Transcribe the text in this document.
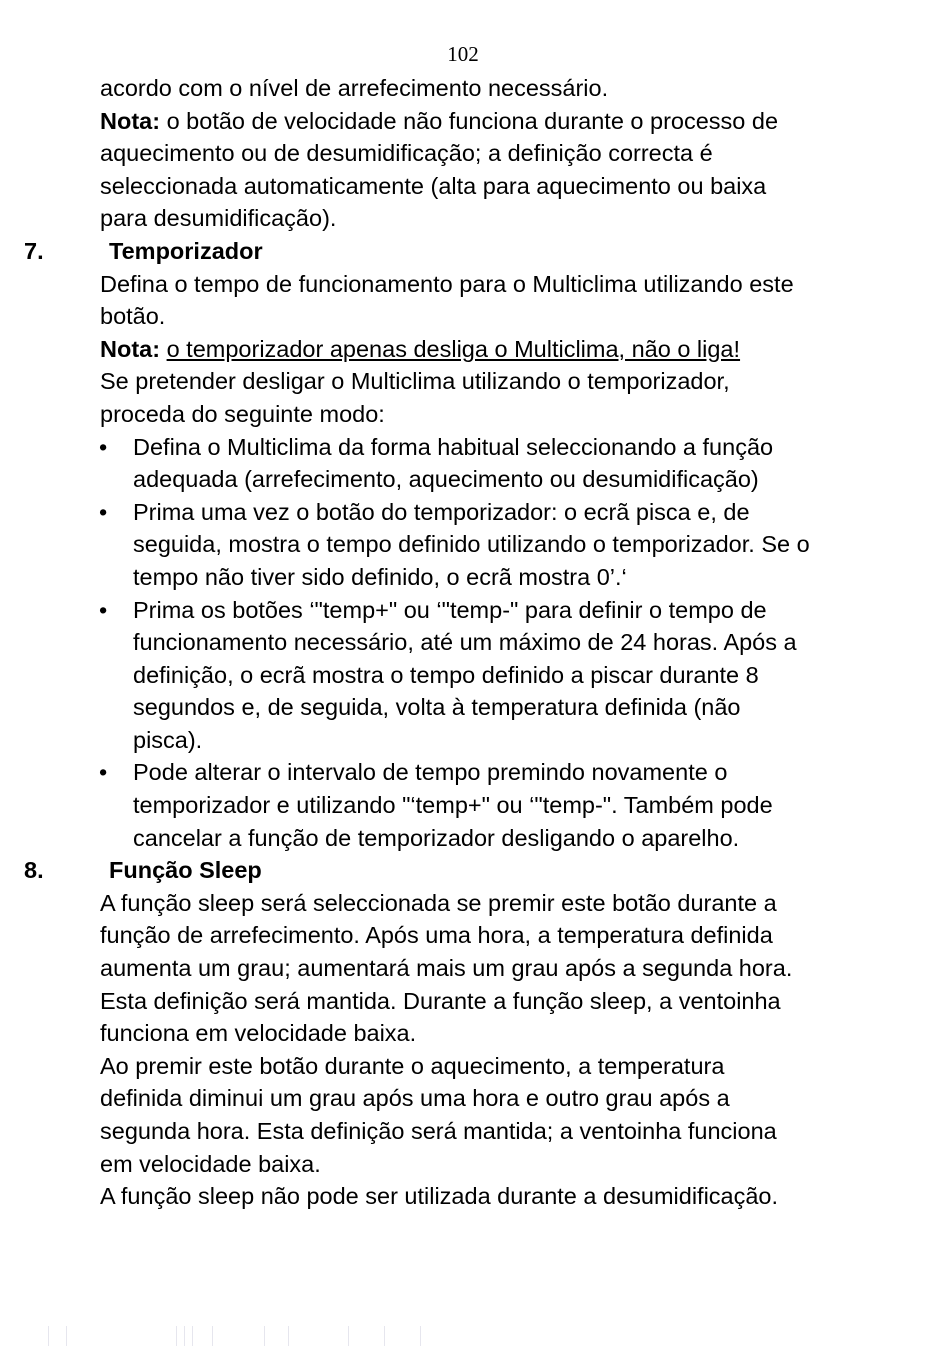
102
acordo com o nível de arrefecimento necessário.
Nota: o botão de velocidade não funciona durante o processo de
aquecimento ou de desumidificação; a definição correcta é
seleccionada automaticamente (alta para aquecimento ou baixa
para desumidificação).
7.	Temporizador
Defina o tempo de funcionamento para o Multiclima utilizando este
botão.
Nota: o temporizador apenas desliga o Multiclima, não o liga!
Se pretender desligar o Multiclima utilizando o temporizador,
proceda do seguinte modo:
• Defina o Multiclima da forma habitual seleccionando a função
adequada (arrefecimento, aquecimento ou desumidificação)
• Prima uma vez o botão do temporizador: o ecrã pisca e, de
seguida, mostra o tempo definido utilizando o temporizador. Se o
tempo não tiver sido definido, o ecrã mostra 0’.‘
• Prima os botões ‘"temp+" ou ‘"temp-" para definir o tempo de
funcionamento necessário, até um máximo de 24 horas. Após a
definição, o ecrã mostra o tempo definido a piscar durante 8
segundos e, de seguida, volta à temperatura definida (não
pisca).
• Pode alterar o intervalo de tempo premindo novamente o
temporizador e utilizando "‘temp+" ou ‘"temp-". Também pode
cancelar a função de temporizador desligando o aparelho.
8.	Função Sleep
A função sleep será seleccionada se premir este botão durante a
função de arrefecimento. Após uma hora, a temperatura definida
aumenta um grau; aumentará mais um grau após a segunda hora.
Esta definição será mantida. Durante a função sleep, a ventoinha
funciona em velocidade baixa.
Ao premir este botão durante o aquecimento, a temperatura
definida diminui um grau após uma hora e outro grau após a
segunda hora. Esta definição será mantida; a ventoinha funciona
em velocidade baixa.
A função sleep não pode ser utilizada durante a desumidificação.
